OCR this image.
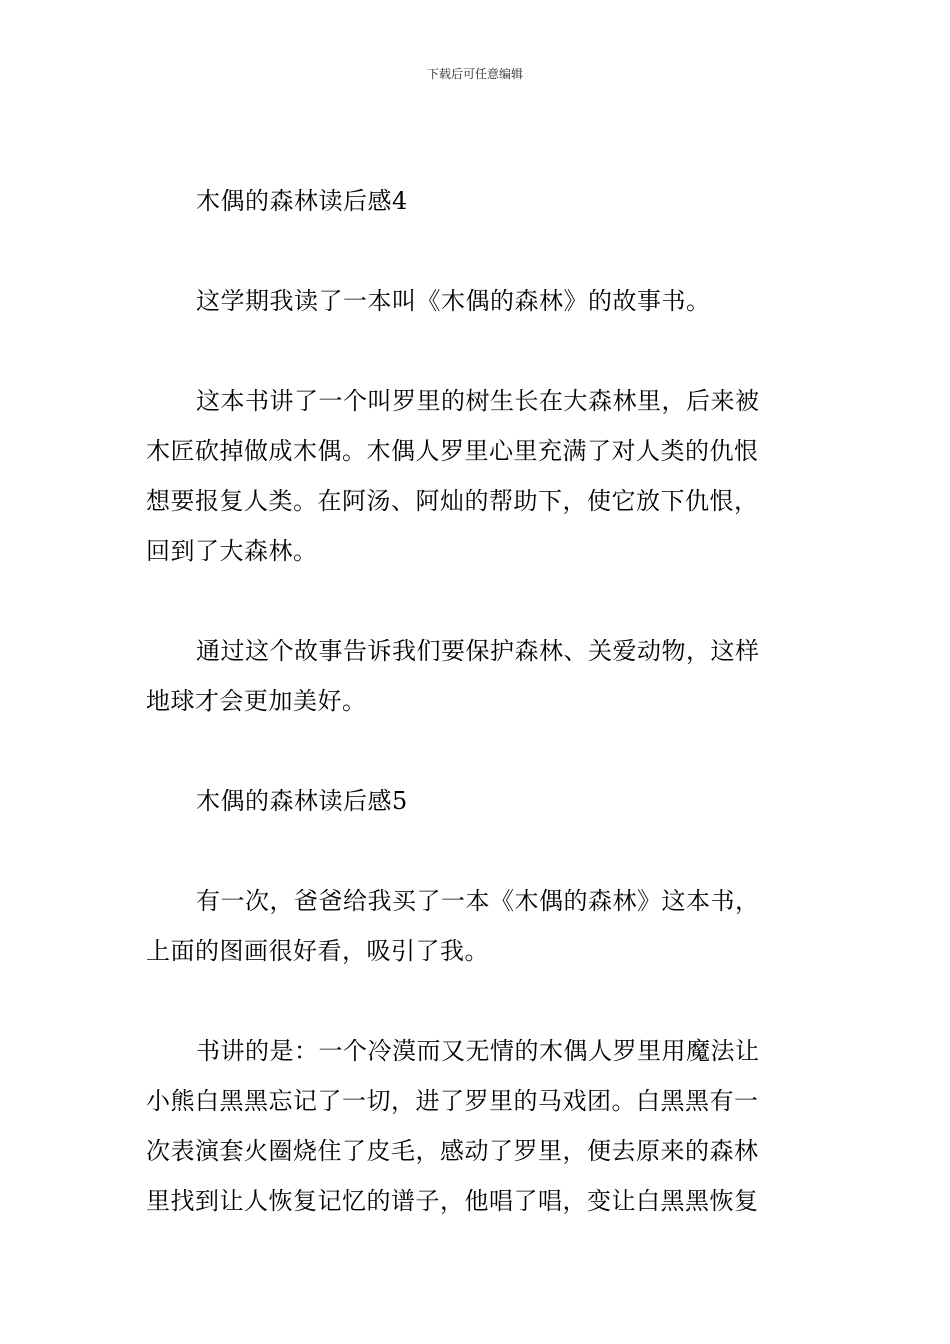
下载后可任意编辑
木偶的森林读后感4
这学期我读了一本叫《木偶的森林》的故事书。
这本书讲了一个叫罗里的树生长在大森林里，后来被
木匠砍掉做成木偶。木偶人罗里心里充满了对人类的仇恨
想要报复人类。在阿汤、阿灿的帮助下，使它放下仇恨，
回到了大森林。
通过这个故事告诉我们要保护森林、关爱动物，这样
地球才会更加美好。
木偶的森林读后感5
有一次，爸爸给我买了一本《木偶的森林》这本书，
上面的图画很好看，吸引了我。
书讲的是：一个冷漠而又无情的木偶人罗里用魔法让
小熊白黑黑忘记了一切，进了罗里的马戏团。白黑黑有一
次表演套火圈烧住了皮毛，感动了罗里，便去原来的森林
里找到让人恢复记忆的谱子，他唱了唱，变让白黑黑恢复
